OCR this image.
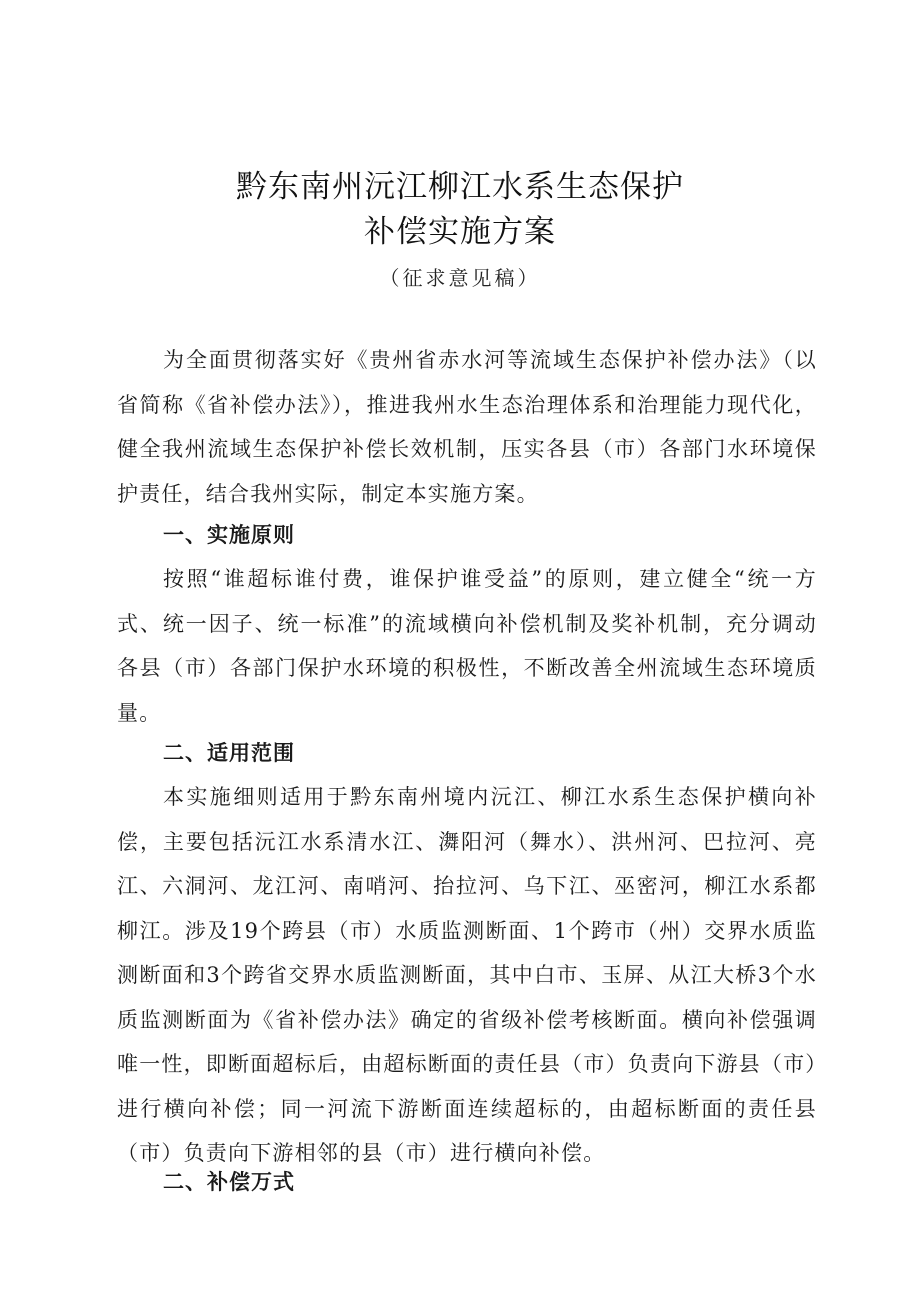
黔东南州沅江柳江水系生态保护
补偿实施方案
（征求意见稿）

为全面贯彻落实好《贵州省赤水河等流域生态保护补偿办法》（以省简称《省补偿办法》），推进我州水生态治理体系和治理能力现代化，健全我州流域生态保护补偿长效机制，压实各县（市）各部门水环境保护责任，结合我州实际，制定本实施方案。

一、实施原则

按照“谁超标谁付费，谁保护谁受益”的原则，建立健全“统一方式、统一因子、统一标准”的流域横向补偿机制及奖补机制，充分调动各县（市）各部门保护水环境的积极性，不断改善全州流域生态环境质量。

二、适用范围

本实施细则适用于黔东南州境内沅江、柳江水系生态保护横向补偿，主要包括沅江水系清水江、㵲阳河（舞水）、洪州河、巴拉河、亮江、六洞河、龙江河、南哨河、抬拉河、乌下江、巫密河，柳江水系都柳江。涉及19个跨县（市）水质监测断面、1个跨市（州）交界水质监测断面和3个跨省交界水质监测断面，其中白市、玉屏、从江大桥3个水质监测断面为《省补偿办法》确定的省级补偿考核断面。横向补偿强调唯一性，即断面超标后，由超标断面的责任县（市）负责向下游县（市）进行横向补偿；同一河流下游断面连续超标的，由超标断面的责任县（市）负责向下游相邻的县（市）进行横向补偿。

二、补偿万式
